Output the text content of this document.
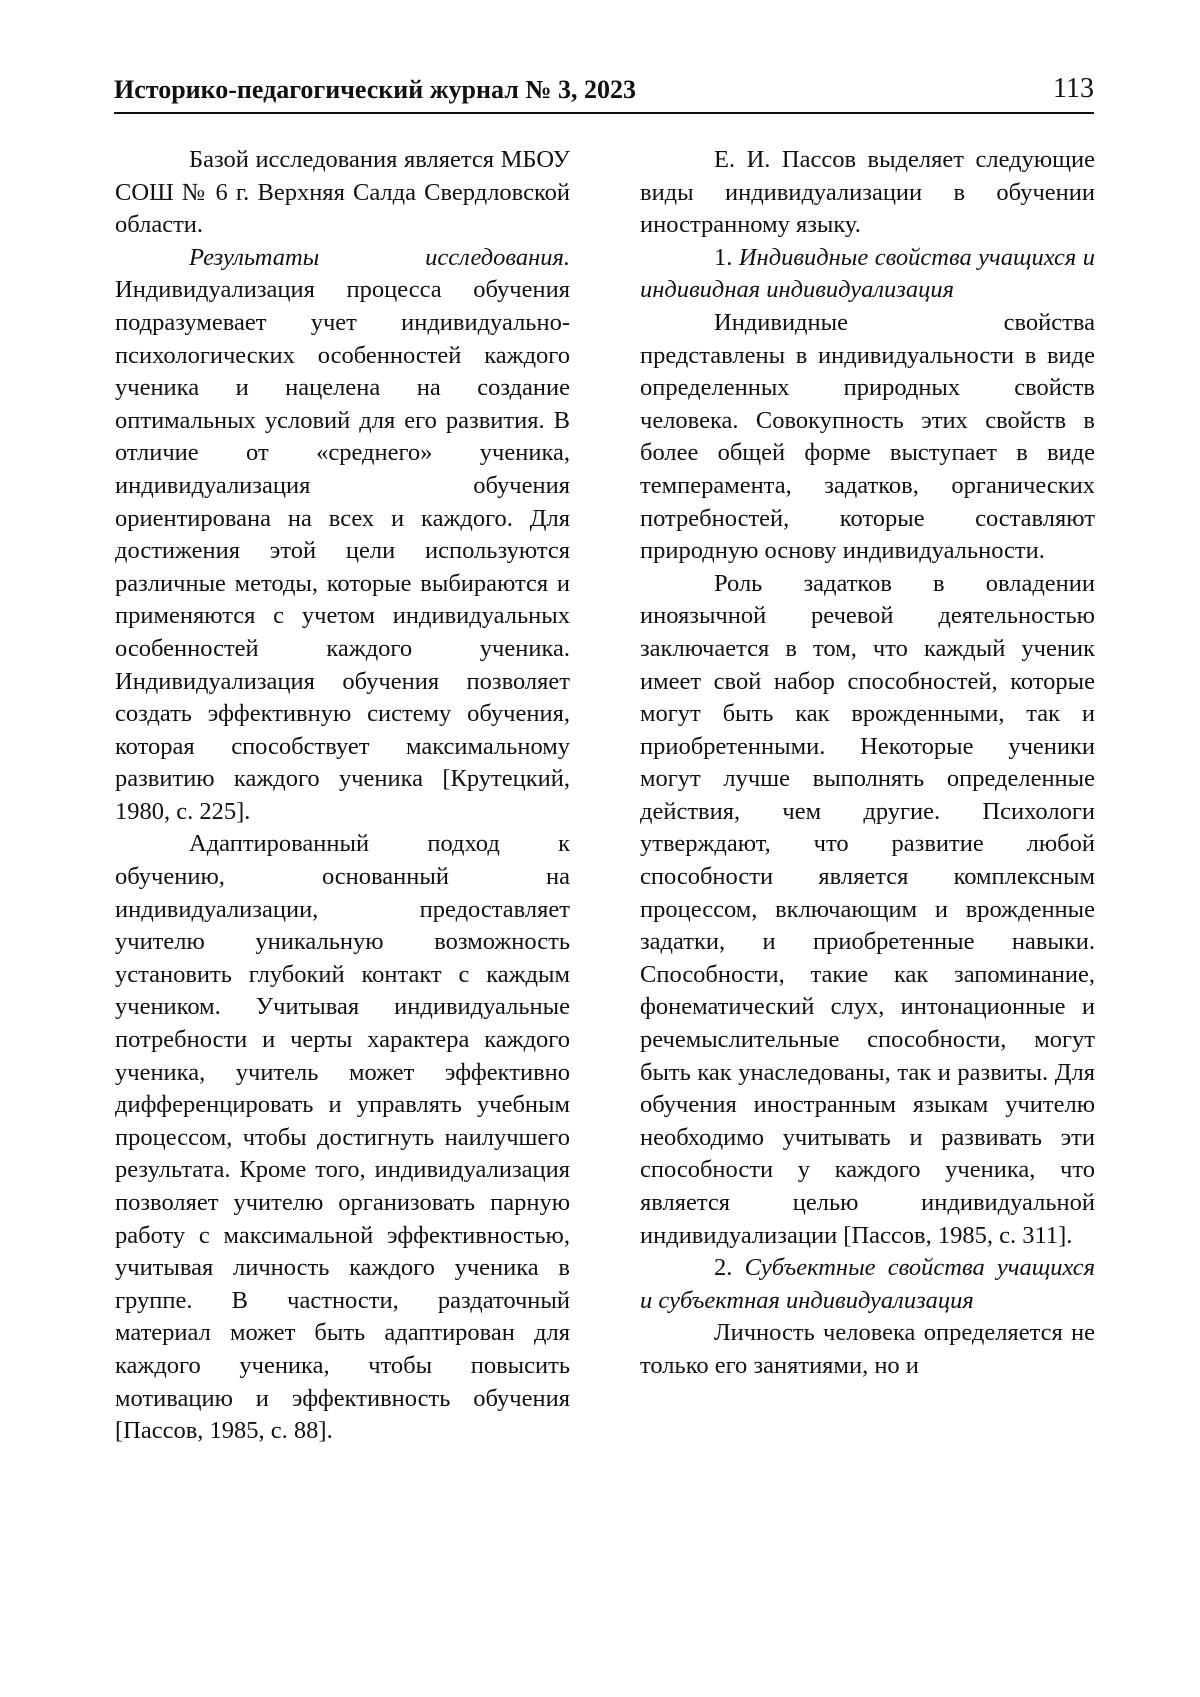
Историко-педагогический журнал № 3, 2023	113

Базой исследования является МБОУ СОШ № 6 г. Верхняя Салда Свердловской области.

Результаты исследования. Индивидуализация процесса обучения подразумевает учет индивидуально-психологических особенностей каждого ученика и нацелена на создание оптимальных условий для его развития. В отличие от «среднего» ученика, индивидуализация обучения ориентирована на всех и каждого. Для достижения этой цели используются различные методы, которые выбираются и применяются с учетом индивидуальных особенностей каждого ученика. Индивидуализация обучения позволяет создать эффективную систему обучения, которая способствует максимальному развитию каждого ученика [Крутецкий, 1980, с. 225].

Адаптированный подход к обучению, основанный на индивидуализации, предоставляет учителю уникальную возможность установить глубокий контакт с каждым учеником. Учитывая индивидуальные потребности и черты характера каждого ученика, учитель может эффективно дифференцировать и управлять учебным процессом, чтобы достигнуть наилучшего результата. Кроме того, индивидуализация позволяет учителю организовать парную работу с максимальной эффективностью, учитывая личность каждого ученика в группе. В частности, раздаточный материал может быть адаптирован для каждого ученика, чтобы повысить мотивацию и эффективность обучения [Пассов, 1985, с. 88].

Е. И. Пассов выделяет следующие виды индивидуализации в обучении иностранному языку.

1. Индивидные свойства учащихся и индивидная индивидуализация

Индивидные свойства представлены в индивидуальности в виде определенных природных свойств человека. Совокупность этих свойств в более общей форме выступает в виде темперамента, задатков, органических потребностей, которые составляют природную основу индивидуальности.

Роль задатков в овладении иноязычной речевой деятельностью заключается в том, что каждый ученик имеет свой набор способностей, которые могут быть как врожденными, так и приобретенными. Некоторые ученики могут лучше выполнять определенные действия, чем другие. Психологи утверждают, что развитие любой способности является комплексным процессом, включающим и врожденные задатки, и приобретенные навыки. Способности, такие как запоминание, фонематический слух, интонационные и речемыслительные способности, могут быть как унаследованы, так и развиты. Для обучения иностранным языкам учителю необходимо учитывать и развивать эти способности у каждого ученика, что является целью индивидуальной индивидуализации [Пассов, 1985, с. 311].

2. Субъектные свойства учащихся и субъектная индивидуализация

Личность человека определяется не только его занятиями, но и
